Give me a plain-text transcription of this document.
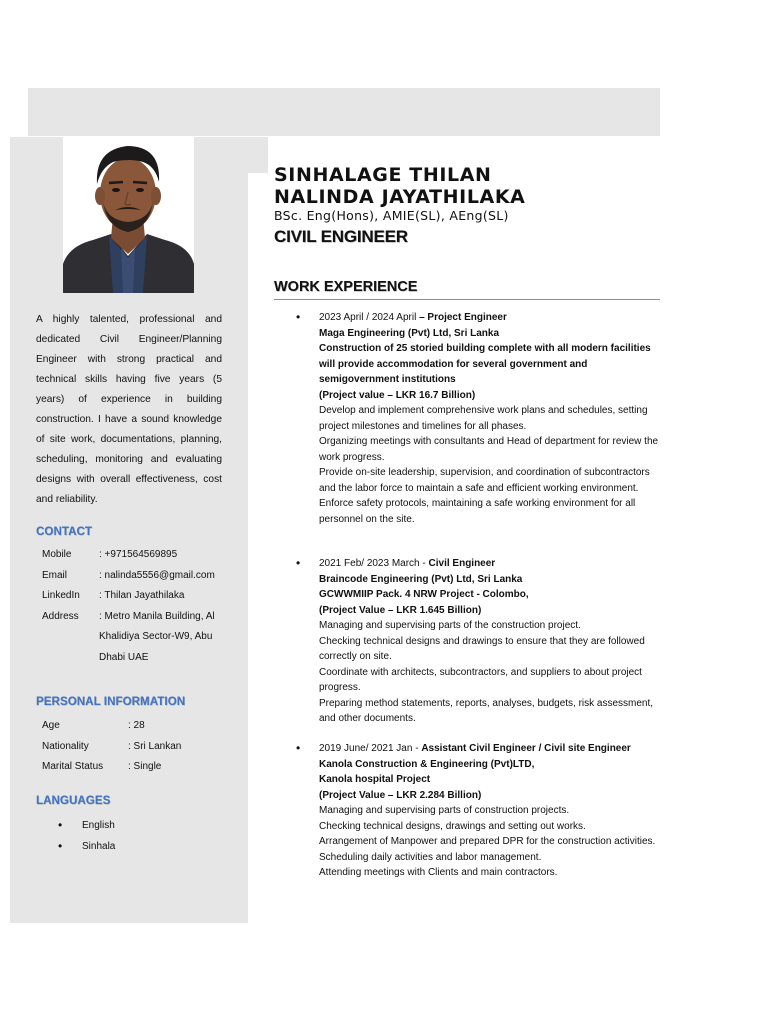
A highly talented, professional and dedicated Civil Engineer/Planning Engineer with strong practical and technical skills having five years (5 years) of experience in building construction. I have a sound knowledge of site work, documentations, planning, scheduling, monitoring and evaluating designs with overall effectiveness, cost and reliability.
CONTACT
Mobile	: +971564569895
Email	: nalinda5556@gmail.com
LinkedIn	: Thilan Jayathilaka
Address	: Metro Manila Building, Al Khalidiya Sector-W9, Abu Dhabi UAE
PERSONAL INFORMATION
Age	: 28
Nationality	: Sri Lankan
Marital Status	: Single
LANGUAGES
• English
• Sinhala
SINHALAGE THILAN
NALINDA JAYATHILAKA
BSc. Eng(Hons), AMIE(SL), AEng(SL)
CIVIL ENGINEER
WORK EXPERIENCE
• 2023 April / 2024 April – Project Engineer
Maga Engineering (Pvt) Ltd, Sri Lanka
Construction of 25 storied building complete with all modern facilities will provide accommodation for several government and semigovernment institutions
(Project value – LKR 16.7 Billion)
Develop and implement comprehensive work plans and schedules, setting project milestones and timelines for all phases.
Organizing meetings with consultants and Head of department for review the work progress.
Provide on-site leadership, supervision, and coordination of subcontractors and the labor force to maintain a safe and efficient working environment.
Enforce safety protocols, maintaining a safe working environment for all personnel on the site.
• 2021 Feb/ 2023 March - Civil Engineer
Braincode Engineering (Pvt) Ltd, Sri Lanka
GCWWMIIP Pack. 4 NRW Project - Colombo,
(Project Value – LKR 1.645 Billion)
Managing and supervising parts of the construction project.
Checking technical designs and drawings to ensure that they are followed correctly on site.
Coordinate with architects, subcontractors, and suppliers to about project progress.
Preparing method statements, reports, analyses, budgets, risk assessment, and other documents.
• 2019 June/ 2021 Jan - Assistant Civil Engineer / Civil site Engineer
Kanola Construction & Engineering (Pvt)LTD,
Kanola hospital Project
(Project Value – LKR 2.284 Billion)
Managing and supervising parts of construction projects.
Checking technical designs, drawings and setting out works.
Arrangement of Manpower and prepared DPR for the construction activities.
Scheduling daily activities and labor management.
Attending meetings with Clients and main contractors.
